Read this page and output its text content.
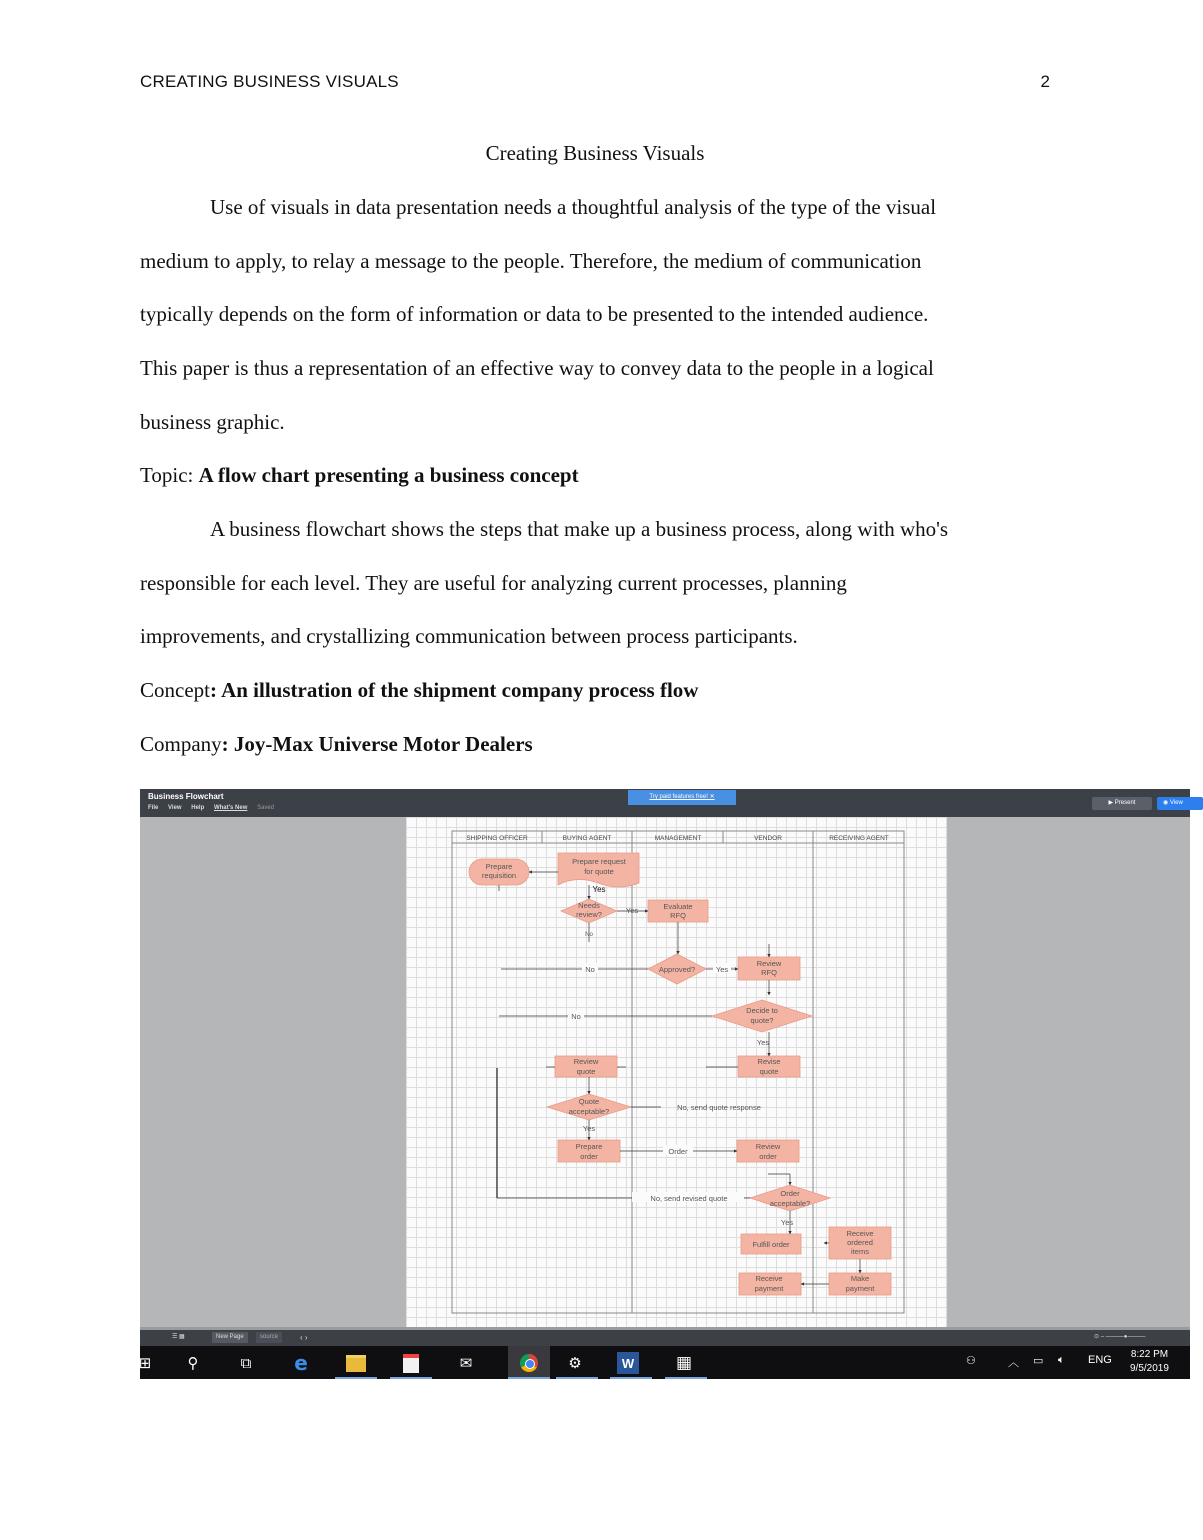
CREATING BUSINESS VISUALS	2
Creating Business Visuals
Use of visuals in data presentation needs a thoughtful analysis of the type of the visual
medium to apply, to relay a message to the people. Therefore, the medium of communication
typically depends on the form of information or data to be presented to the intended audience.
This paper is thus a representation of an effective way to convey data to the people in a logical
business graphic.
Topic: A flow chart presenting a business concept
A business flowchart shows the steps that make up a business process, along with who's
responsible for each level. They are useful for analyzing current processes, planning
improvements, and crystallizing communication between process participants.
Concept: An illustration of the shipment company process flow
Company: Joy-Max Universe Motor Dealers
Business Flowchart
File View Help What's New Saved
Try paid features free! ✕
▶ Present	◉ View
SHIPPING OFFICER	BUYING AGENT	MANAGEMENT	VENDOR	RECEIVING AGENT
Prepare
requisition
Prepare request
for quote
Needs
review?
Evaluate
RFQ
Approved?
Review
RFQ
Decide to
quote?
Review
quote
Revise
quote
Quote
acceptable?
Prepare
order
Review
order
Order
acceptable?
Fulfill order
Receive
ordered
items
Receive
payment
Make
payment
Yes
Yes
No
No	Yes
No
Yes
No, send quote response
Yes
Order
No, send revised quote
Yes
☰ ▦	New Page	source	‹ ›	⊙ – ———●———
⊞	⚲	⧉ e	✉	⚙	W ▦	⚇	︿ ▭ 🔈︎ ENG 8:22 PM
9/5/2019
